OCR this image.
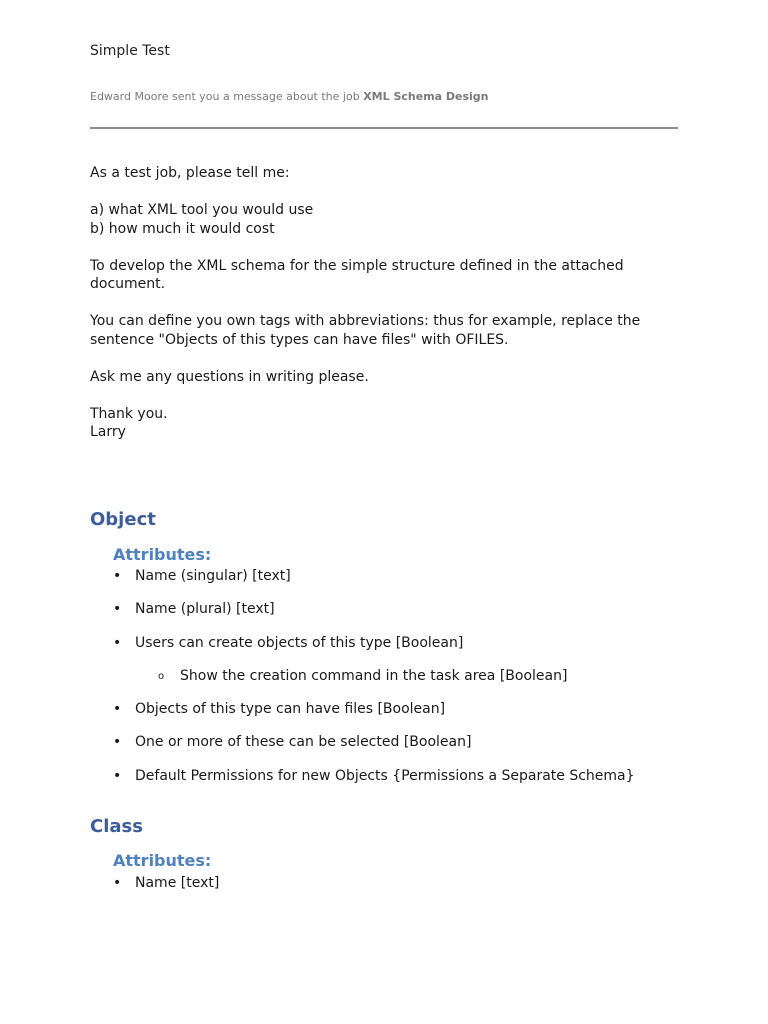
Simple Test
Edward Moore sent you a message about the job XML Schema Design

As a test job, please tell me:

a) what XML tool you would use
b) how much it would cost

To develop the XML schema for the simple structure defined in the attached
document.

You can define you own tags with abbreviations: thus for example, replace the
sentence "Objects of this types can have files" with OFILES.

Ask me any questions in writing please.

Thank you.
Larry

Object
Attributes:
• Name (singular) [text]
• Name (plural) [text]
• Users can create objects of this type [Boolean]
o Show the creation command in the task area [Boolean]
• Objects of this type can have files [Boolean]
• One or more of these can be selected [Boolean]
• Default Permissions for new Objects {Permissions a Separate Schema}
Class
Attributes:
• Name [text]
